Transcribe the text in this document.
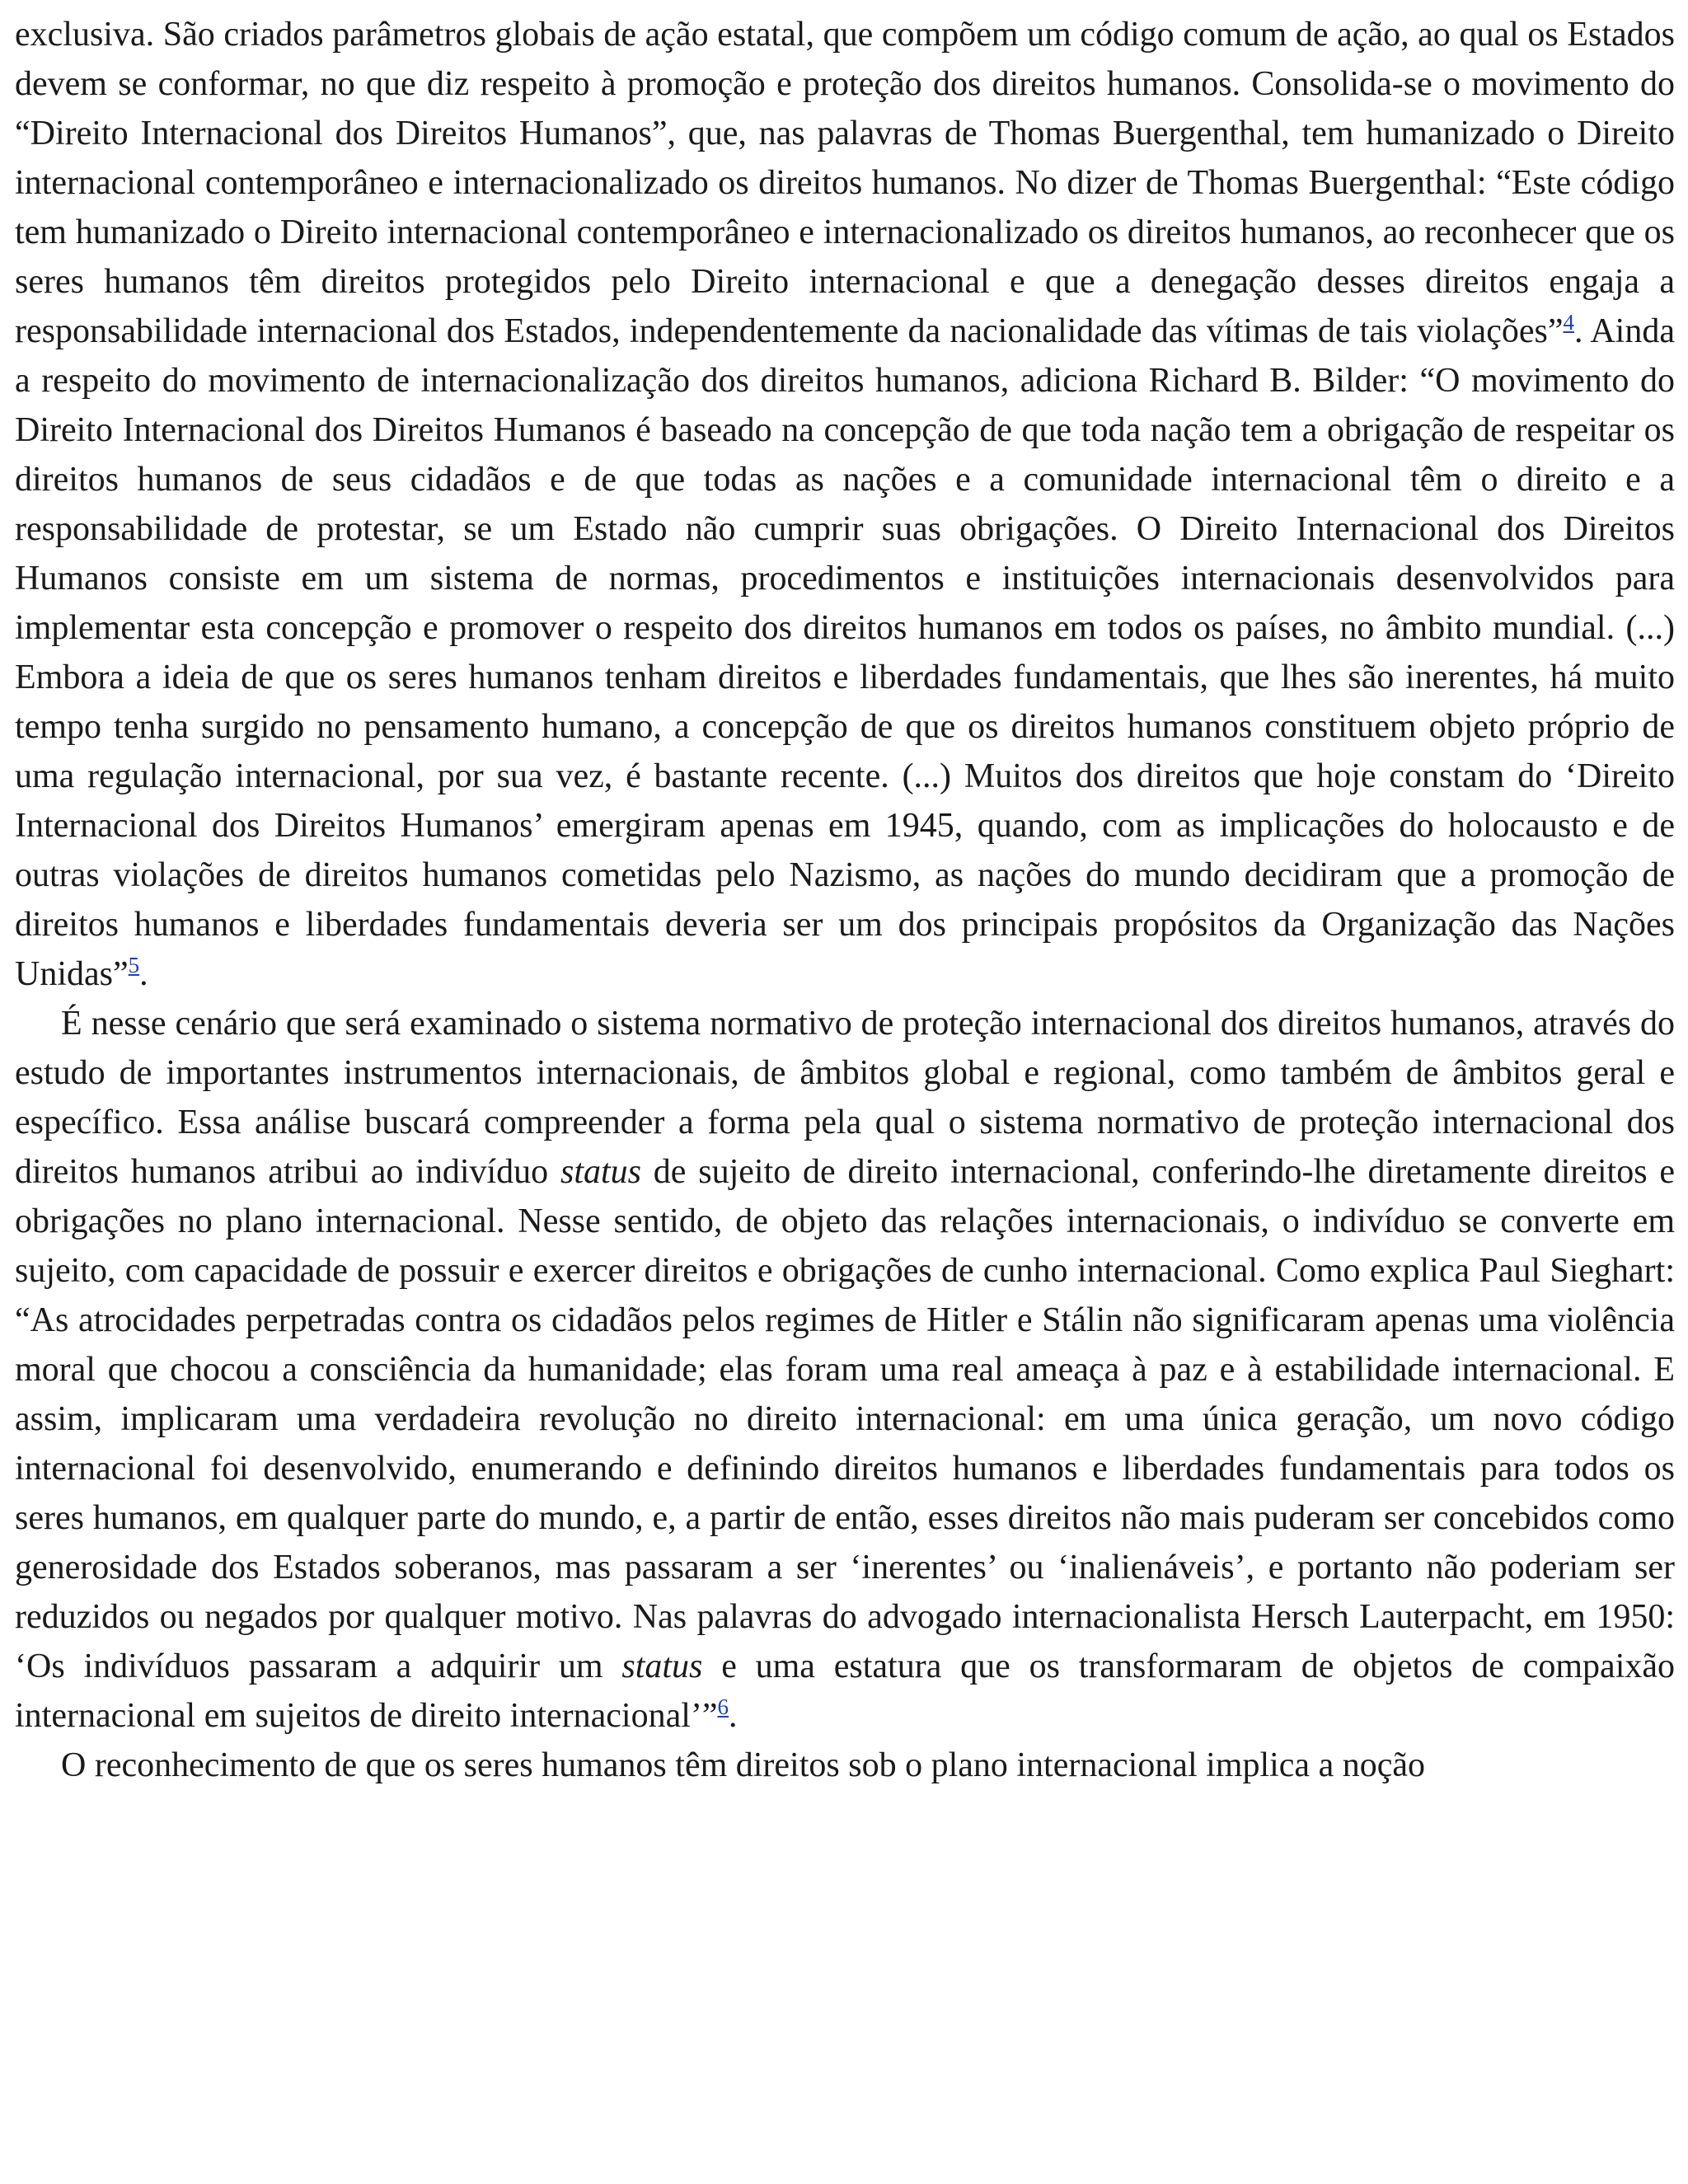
exclusiva. São criados parâmetros globais de ação estatal, que compõem um código comum de ação, ao qual os Estados devem se conformar, no que diz respeito à promoção e proteção dos direitos humanos. Consolida-se o movimento do “Direito Internacional dos Direitos Humanos”, que, nas palavras de Thomas Buergenthal, tem humanizado o Direito internacional contemporâneo e internacionalizado os direitos humanos. No dizer de Thomas Buergenthal: “Este código tem humanizado o Direito internacional contemporâneo e internacionalizado os direitos humanos, ao reconhecer que os seres humanos têm direitos protegidos pelo Direito internacional e que a denegação desses direitos engaja a responsabilidade internacional dos Estados, independentemente da nacionalidade das vítimas de tais violações”$^4$. Ainda a respeito do movimento de internacionalização dos direitos humanos, adiciona Richard B. Bilder: “O movimento do Direito Internacional dos Direitos Humanos é baseado na concepção de que toda nação tem a obrigação de respeitar os direitos humanos de seus cidadãos e de que todas as nações e a comunidade internacional têm o direito e a responsabilidade de protestar, se um Estado não cumprir suas obrigações. O Direito Internacional dos Direitos Humanos consiste em um sistema de normas, procedimentos e instituições internacionais desenvolvidos para implementar esta concepção e promover o respeito dos direitos humanos em todos os países, no âmbito mundial. (...) Embora a ideia de que os seres humanos tenham direitos e liberdades fundamentais, que lhes são inerentes, há muito tempo tenha surgido no pensamento humano, a concepção de que os direitos humanos constituem objeto próprio de uma regulação internacional, por sua vez, é bastante recente. (...) Muitos dos direitos que hoje constam do ‘Direito Internacional dos Direitos Humanos’ emergiram apenas em 1945, quando, com as implicações do holocausto e de outras violações de direitos humanos cometidas pelo Nazismo, as nações do mundo decidiram que a promoção de direitos humanos e liberdades fundamentais deveria ser um dos principais propósitos da Organização das Nações Unidas”$^5$.

É nesse cenário que será examinado o sistema normativo de proteção internacional dos direitos humanos, através do estudo de importantes instrumentos internacionais, de âmbitos global e regional, como também de âmbitos geral e específico. Essa análise buscará compreender a forma pela qual o sistema normativo de proteção internacional dos direitos humanos atribui ao indivíduo status de sujeito de direito internacional, conferindo-lhe diretamente direitos e obrigações no plano internacional. Nesse sentido, de objeto das relações internacionais, o indivíduo se converte em sujeito, com capacidade de possuir e exercer direitos e obrigações de cunho internacional. Como explica Paul Sieghart: “As atrocidades perpetradas contra os cidadãos pelos regimes de Hitler e Stálin não significaram apenas uma violência moral que chocou a consciência da humanidade; elas foram uma real ameaça à paz e à estabilidade internacional. E assim, implicaram uma verdadeira revolução no direito internacional: em uma única geração, um novo código internacional foi desenvolvido, enumerando e definindo direitos humanos e liberdades fundamentais para todos os seres humanos, em qualquer parte do mundo, e, a partir de então, esses direitos não mais puderam ser concebidos como generosidade dos Estados soberanos, mas passaram a ser ‘inerentes’ ou ‘inalienáveis’, e portanto não poderiam ser reduzidos ou negados por qualquer motivo. Nas palavras do advogado internacionalista Hersch Lauterpacht, em 1950: ‘Os indivíduos passaram a adquirir um status e uma estatura que os transformaram de objetos de compaixão internacional em sujeitos de direito internacional’”$^6$.

O reconhecimento de que os seres humanos têm direitos sob o plano internacional implica a noção
